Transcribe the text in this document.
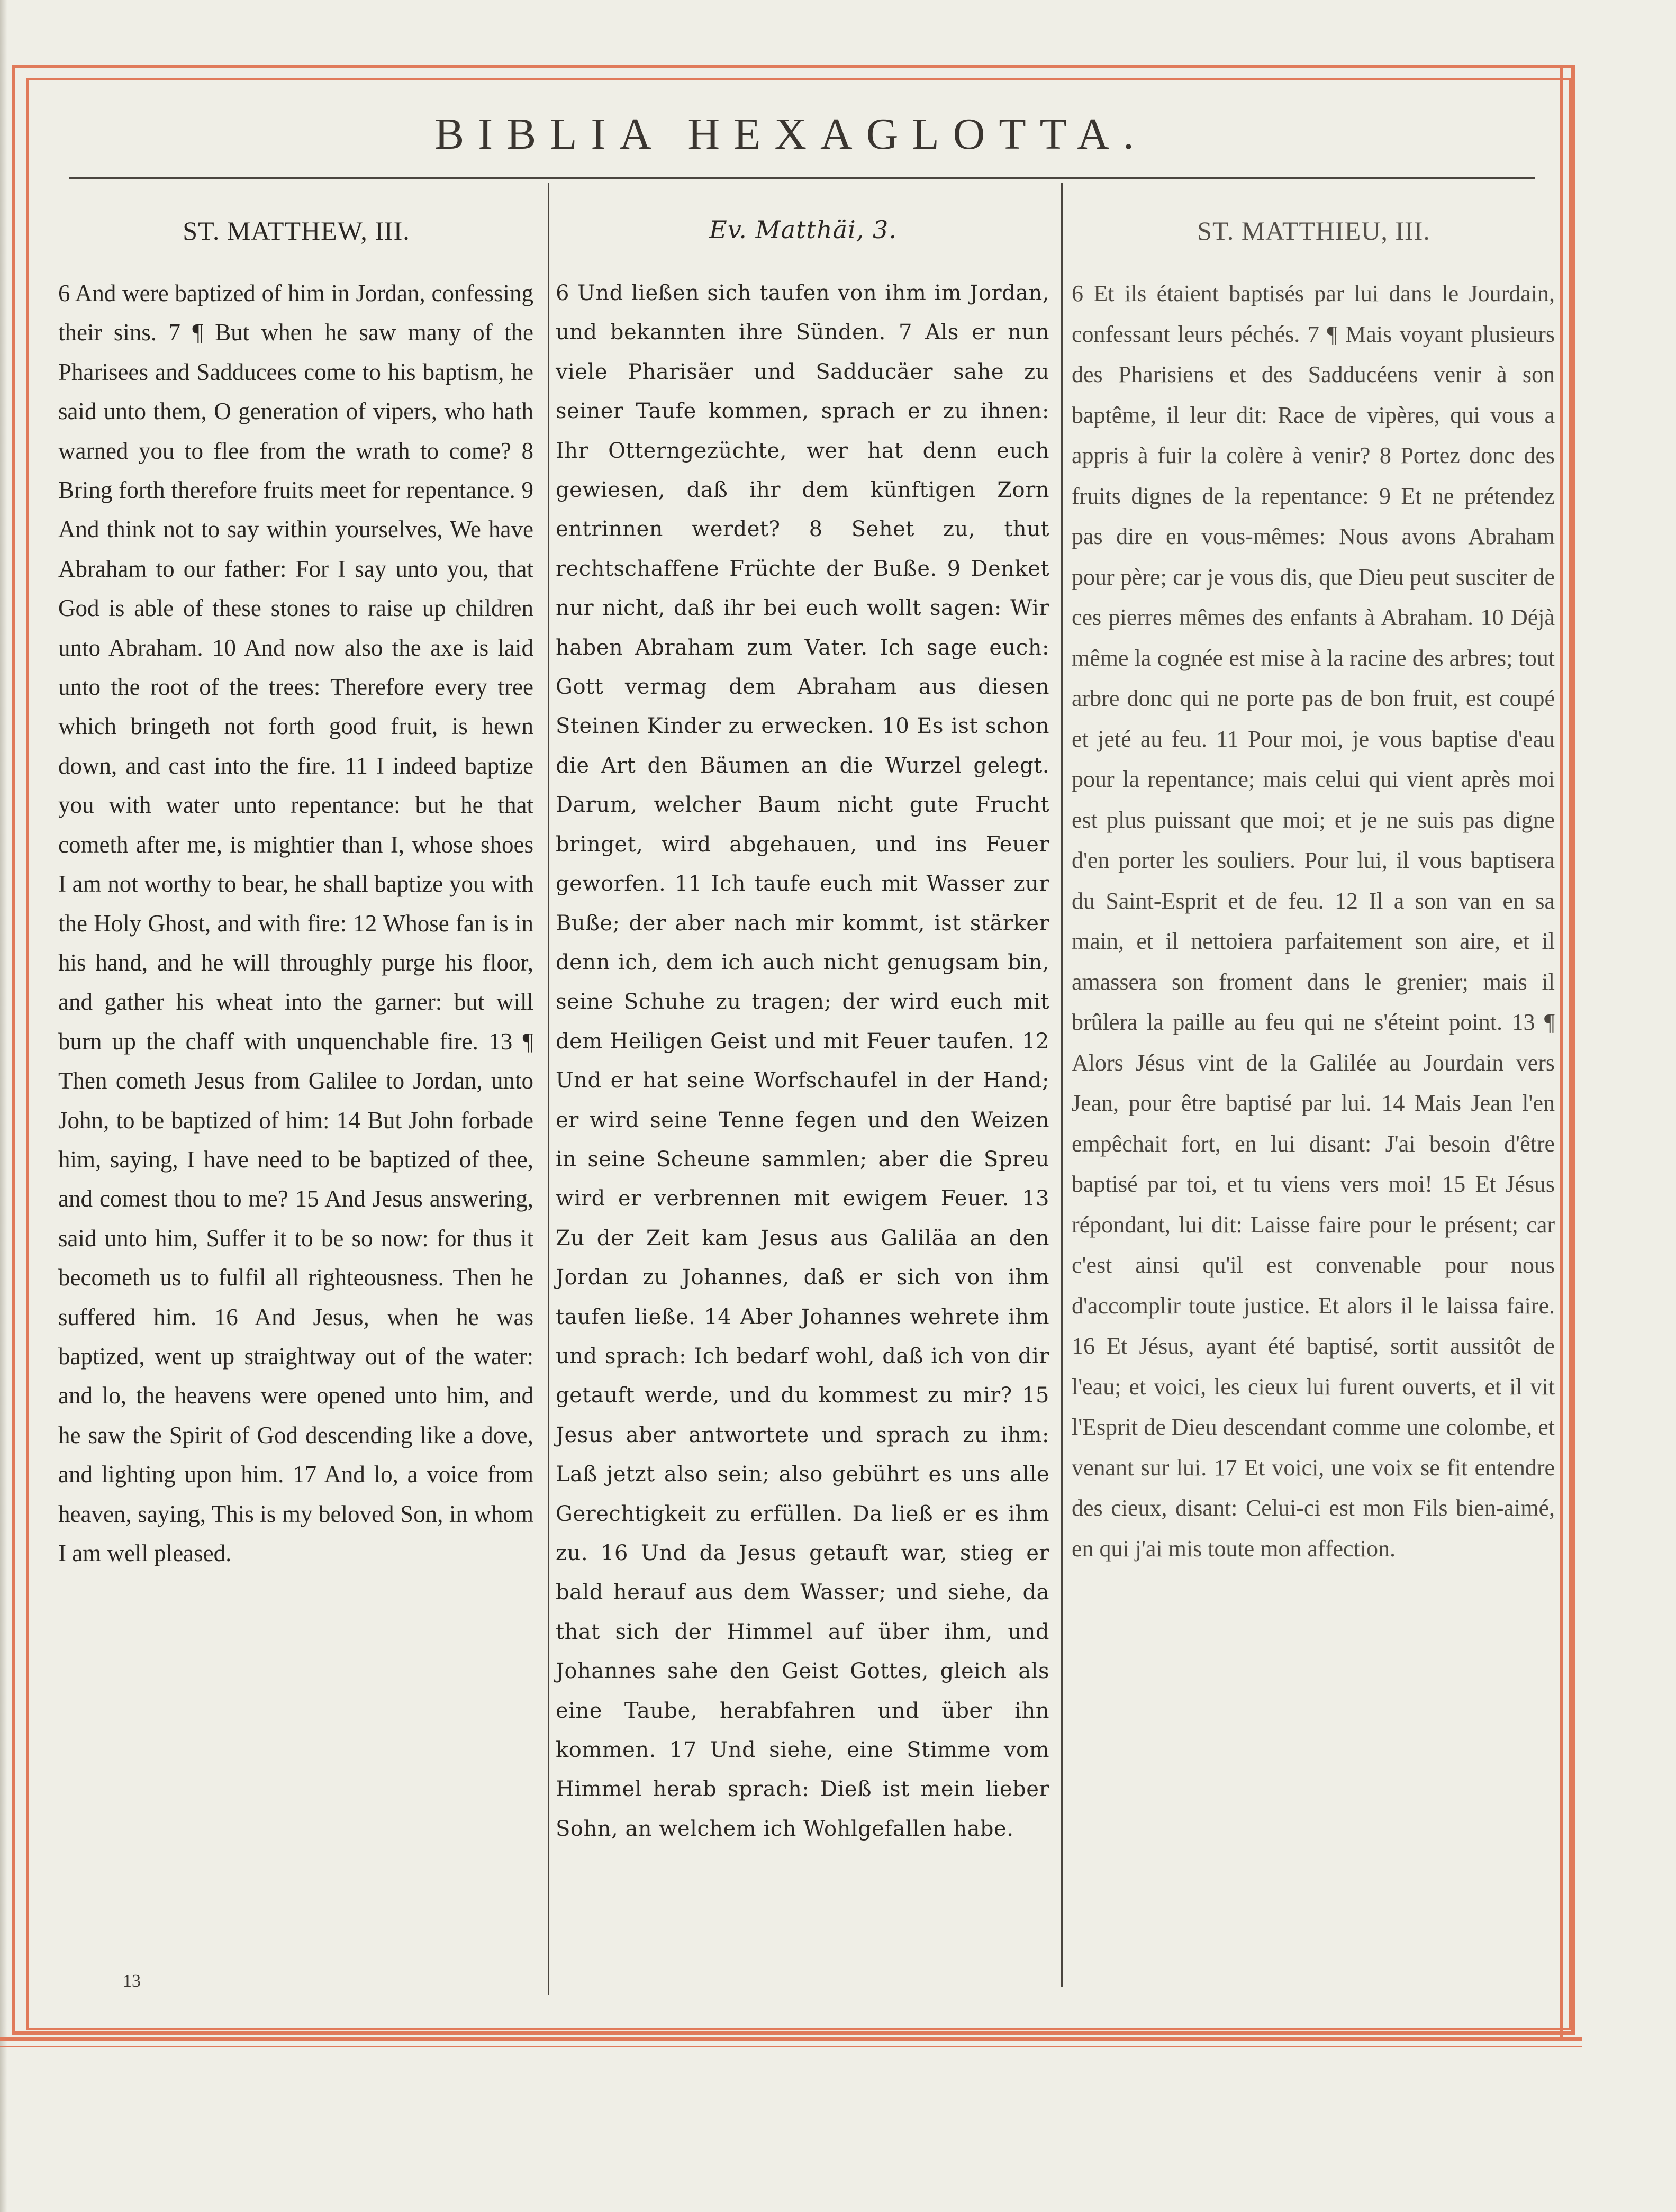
BIBLIA HEXAGLOTTA.
ST. MATTHEW, III.
6 And were baptized of him in Jordan, confessing their sins. 7 ¶ But when he saw many of the Pharisees and Sadducees come to his baptism, he said unto them, O generation of vipers, who hath warned you to flee from the wrath to come? 8 Bring forth therefore fruits meet for repentance. 9 And think not to say within yourselves, We have Abraham to our father: For I say unto you, that God is able of these stones to raise up children unto Abraham. 10 And now also the axe is laid unto the root of the trees: Therefore every tree which bringeth not forth good fruit, is hewn down, and cast into the fire. 11 I indeed baptize you with water unto repentance: but he that cometh after me, is mightier than I, whose shoes I am not worthy to bear, he shall baptize you with the Holy Ghost, and with fire: 12 Whose fan is in his hand, and he will throughly purge his floor, and gather his wheat into the garner: but will burn up the chaff with unquenchable fire. 13 ¶ Then cometh Jesus from Galilee to Jordan, unto John, to be baptized of him: 14 But John forbade him, saying, I have need to be baptized of thee, and comest thou to me? 15 And Jesus answering, said unto him, Suffer it to be so now: for thus it becometh us to fulfil all righteousness. Then he suffered him. 16 And Jesus, when he was baptized, went up straightway out of the water: and lo, the heavens were opened unto him, and he saw the Spirit of God descending like a dove, and lighting upon him. 17 And lo, a voice from heaven, saying, This is my beloved Son, in whom I am well pleased.
Ev. Matthäi, 3.
6 Und ließen sich taufen von ihm im Jordan, und bekannten ihre Sünden. 7 Als er nun viele Pharisäer und Sadducäer sahe zu seiner Taufe kommen, sprach er zu ihnen: Ihr Otterngezüchte, wer hat denn euch gewiesen, daß ihr dem künftigen Zorn entrinnen werdet? 8 Sehet zu, thut rechtschaffene Früchte der Buße. 9 Denket nur nicht, daß ihr bei euch wollt sagen: Wir haben Abraham zum Vater. Ich sage euch: Gott vermag dem Abraham aus diesen Steinen Kinder zu erwecken. 10 Es ist schon die Art den Bäumen an die Wurzel gelegt. Darum, welcher Baum nicht gute Frucht bringet, wird abgehauen, und ins Feuer geworfen. 11 Ich taufe euch mit Wasser zur Buße; der aber nach mir kommt, ist stärker denn ich, dem ich auch nicht genugsam bin, seine Schuhe zu tragen; der wird euch mit dem Heiligen Geist und mit Feuer taufen. 12 Und er hat seine Worfschaufel in der Hand; er wird seine Tenne fegen und den Weizen in seine Scheune sammlen; aber die Spreu wird er verbrennen mit ewigem Feuer. 13 Zu der Zeit kam Jesus aus Galiläa an den Jordan zu Johannes, daß er sich von ihm taufen ließe. 14 Aber Johannes wehrete ihm und sprach: Ich bedarf wohl, daß ich von dir getauft werde, und du kommest zu mir? 15 Jesus aber antwortete und sprach zu ihm: Laß jetzt also sein; also gebührt es uns alle Gerechtigkeit zu erfüllen. Da ließ er es ihm zu. 16 Und da Jesus getauft war, stieg er bald herauf aus dem Wasser; und siehe, da that sich der Himmel auf über ihm, und Johannes sahe den Geist Gottes, gleich als eine Taube, herabfahren und über ihn kommen. 17 Und siehe, eine Stimme vom Himmel herab sprach: Dieß ist mein lieber Sohn, an welchem ich Wohlgefallen habe.
ST. MATTHIEU, III.
6 Et ils étaient baptisés par lui dans le Jourdain, confessant leurs péchés. 7 ¶ Mais voyant plusieurs des Pharisiens et des Sadducéens venir à son baptême, il leur dit: Race de vipères, qui vous a appris à fuir la colère à venir? 8 Portez donc des fruits dignes de la repentance: 9 Et ne prétendez pas dire en vous-mêmes: Nous avons Abraham pour père; car je vous dis, que Dieu peut susciter de ces pierres mêmes des enfants à Abraham. 10 Déjà même la cognée est mise à la racine des arbres; tout arbre donc qui ne porte pas de bon fruit, est coupé et jeté au feu. 11 Pour moi, je vous baptise d'eau pour la repentance; mais celui qui vient après moi est plus puissant que moi; et je ne suis pas digne d'en porter les souliers. Pour lui, il vous baptisera du Saint-Esprit et de feu. 12 Il a son van en sa main, et il nettoiera parfaitement son aire, et il amassera son froment dans le grenier; mais il brûlera la paille au feu qui ne s'éteint point. 13 ¶ Alors Jésus vint de la Galilée au Jourdain vers Jean, pour être baptisé par lui. 14 Mais Jean l'en empêchait fort, en lui disant: J'ai besoin d'être baptisé par toi, et tu viens vers moi! 15 Et Jésus répondant, lui dit: Laisse faire pour le présent; car c'est ainsi qu'il est convenable pour nous d'accomplir toute justice. Et alors il le laissa faire. 16 Et Jésus, ayant été baptisé, sortit aussitôt de l'eau; et voici, les cieux lui furent ouverts, et il vit l'Esprit de Dieu descendant comme une colombe, et venant sur lui. 17 Et voici, une voix se fit entendre des cieux, disant: Celui-ci est mon Fils bien-aimé, en qui j'ai mis toute mon affection.
13
